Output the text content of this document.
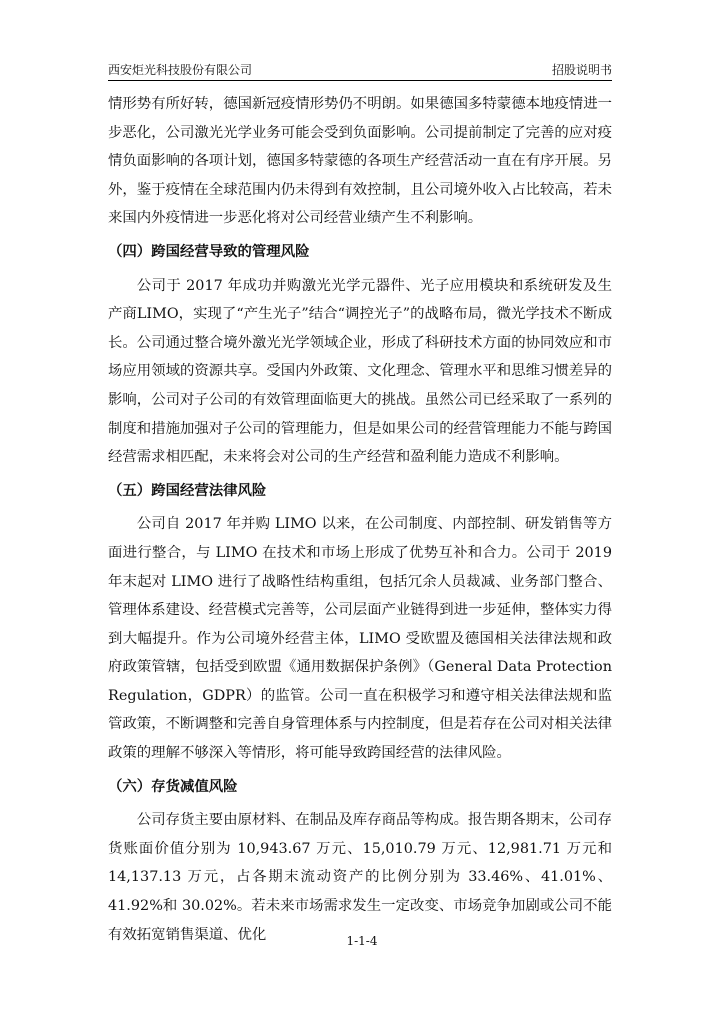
西安炬光科技股份有限公司	招股说明书

情形势有所好转，德国新冠疫情形势仍不明朗。如果德国多特蒙德本地疫情进一步恶化，公司激光光学业务可能会受到负面影响。公司提前制定了完善的应对疫情负面影响的各项计划，德国多特蒙德的各项生产经营活动一直在有序开展。另外，鉴于疫情在全球范围内仍未得到有效控制，且公司境外收入占比较高，若未来国内外疫情进一步恶化将对公司经营业绩产生不利影响。

（四）跨国经营导致的管理风险

公司于 2017 年成功并购激光光学元器件、光子应用模块和系统研发及生产商LIMO，实现了“产生光子”结合“调控光子”的战略布局，微光学技术不断成长。公司通过整合境外激光光学领域企业，形成了科研技术方面的协同效应和市场应用领域的资源共享。受国内外政策、文化理念、管理水平和思维习惯差异的影响，公司对子公司的有效管理面临更大的挑战。虽然公司已经采取了一系列的制度和措施加强对子公司的管理能力，但是如果公司的经营管理能力不能与跨国经营需求相匹配，未来将会对公司的生产经营和盈利能力造成不利影响。

（五）跨国经营法律风险

公司自 2017 年并购 LIMO 以来，在公司制度、内部控制、研发销售等方面进行整合，与 LIMO 在技术和市场上形成了优势互补和合力。公司于 2019 年末起对 LIMO 进行了战略性结构重组，包括冗余人员裁减、业务部门整合、管理体系建设、经营模式完善等，公司层面产业链得到进一步延伸，整体实力得到大幅提升。作为公司境外经营主体，LIMO 受欧盟及德国相关法律法规和政府政策管辖，包括受到欧盟《通用数据保护条例》（General Data Protection Regulation，GDPR）的监管。公司一直在积极学习和遵守相关法律法规和监管政策，不断调整和完善自身管理体系与内控制度，但是若存在公司对相关法律政策的理解不够深入等情形，将可能导致跨国经营的法律风险。

（六）存货减值风险

公司存货主要由原材料、在制品及库存商品等构成。报告期各期末，公司存货账面价值分别为 10,943.67 万元、15,010.79 万元、12,981.71 万元和 14,137.13 万元，占各期末流动资产的比例分别为 33.46%、41.01%、41.92%和 30.02%。若未来市场需求发生一定改变、市场竞争加剧或公司不能有效拓宽销售渠道、优化	1-1-4
